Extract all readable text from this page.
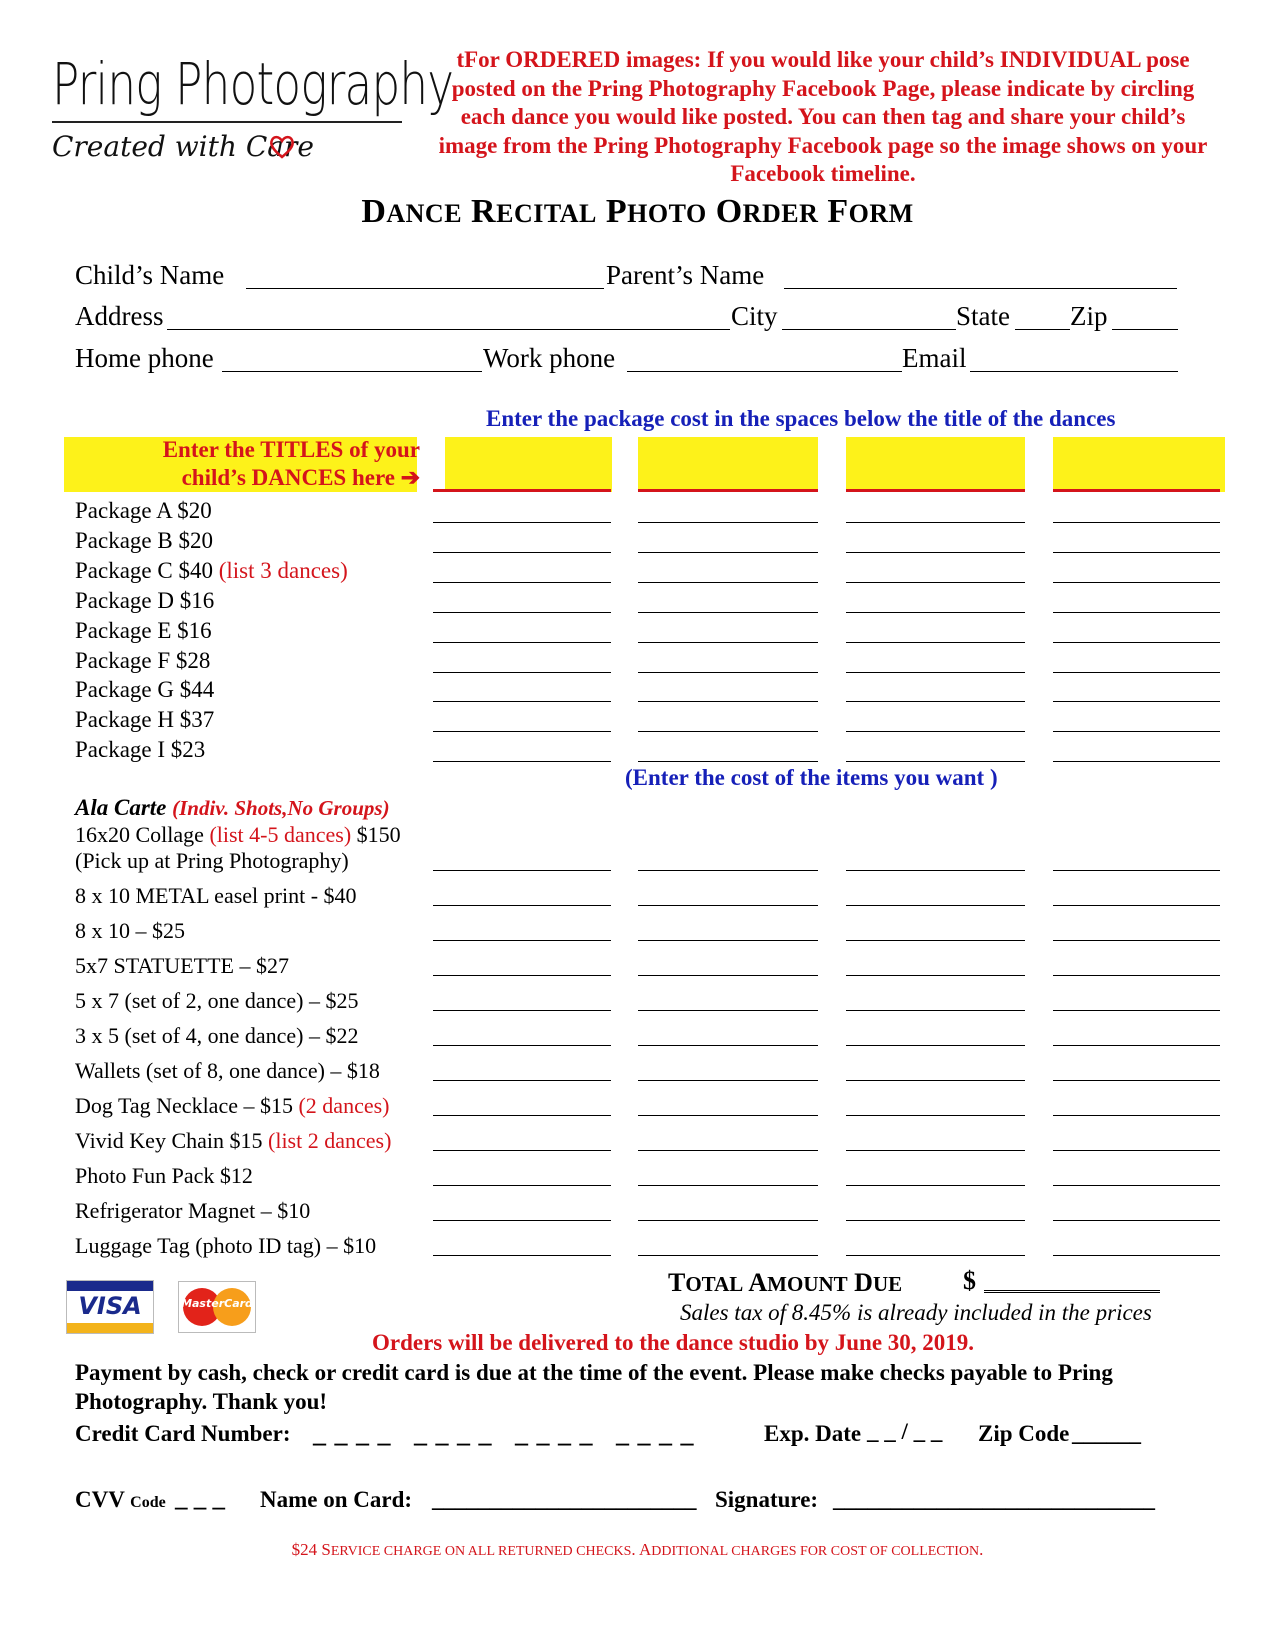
Pring Photography
Created with Care
tFor ORDERED images: If you would like your child’s INDIVIDUAL pose posted on the Pring Photography Facebook Page, please indicate by circling each dance you would like posted. You can then tag and share your child’s image from the Pring Photography Facebook page so the image shows on your Facebook timeline.
DANCE RECITAL PHOTO ORDER FORM
Child’s Name	Parent’s Name
Address	City	State Zip
Home phone	Work phone	Email
Enter the package cost in the spaces below the title of the dances
Enter the TITLES of your
child’s DANCES here ➔
Package A $20
Package B $20
Package C $40 (list 3 dances)
Package D $16
Package E $16
Package F $28
Package G $44
Package H $37
Package I $23
(Enter the cost of the items you want )
Ala Carte (Indiv. Shots,No Groups)
16x20 Collage (list 4-5 dances) $150
(Pick up at Pring Photography)
8 x 10 METAL easel print - $40
8 x 10 – $25
5x7 STATUETTE – $27
5 x 7 (set of 2, one dance) – $25
3 x 5 (set of 4, one dance) – $22
Wallets (set of 8, one dance) – $18
Dog Tag Necklace – $15 (2 dances)
Vivid Key Chain $15 (list 2 dances)
Photo Fun Pack $12
Refrigerator Magnet – $10
Luggage Tag (photo ID tag) – $10
VISA	MasterCard
TOTAL AMOUNT DUE $
Sales tax of 8.45% is already included in the prices
Orders will be delivered to the dance studio by June 30, 2019.
Payment by cash, check or credit card is due at the time of the event. Please make checks payable to Pring Photography. Thank you!
Credit Card Number: _ _ _ _   _ _ _ _   _ _ _ _   _ _ _ _	Exp. Date _ _ / _ _ Zip Code ______
CVV Code _ _ _ Name on Card: _______________________ Signature: ____________________________
$24 SERVICE CHARGE ON ALL RETURNED CHECKS. ADDITIONAL CHARGES FOR COST OF COLLECTION.
